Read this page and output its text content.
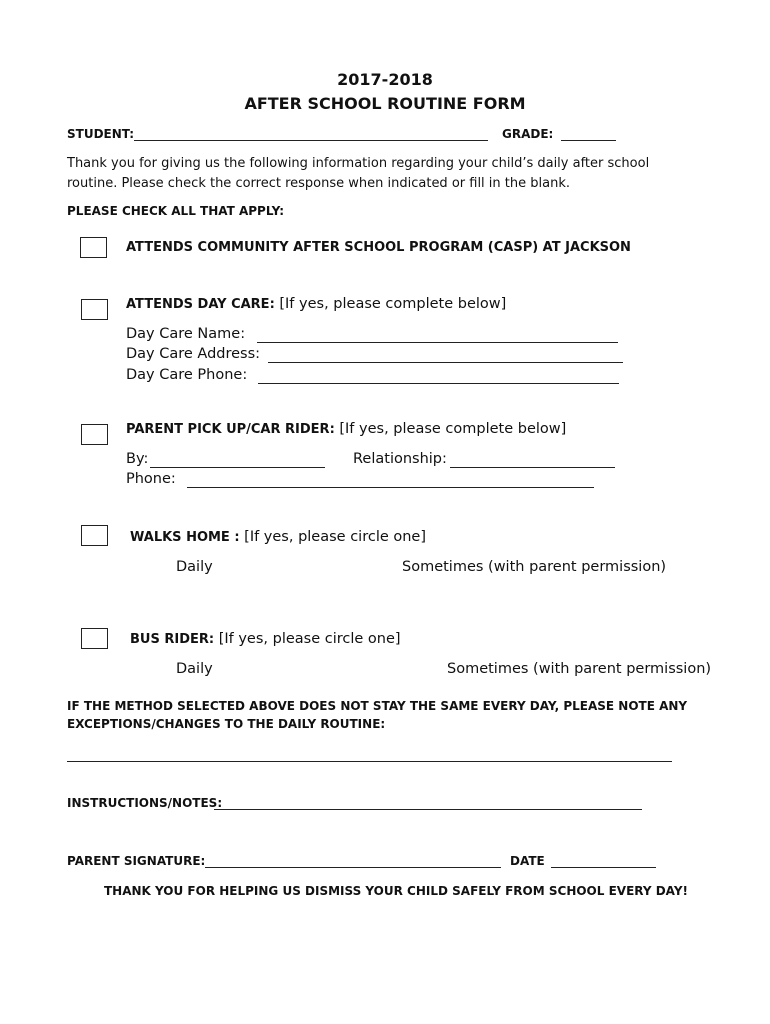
2017-2018
AFTER SCHOOL ROUTINE FORM
STUDENT:	GRADE:
Thank you for giving us the following information regarding your child’s daily after school routine. Please check the correct response when indicated or fill in the blank.
PLEASE CHECK ALL THAT APPLY:
ATTENDS COMMUNITY AFTER SCHOOL PROGRAM (CASP) AT JACKSON
ATTENDS DAY CARE: [If yes, please complete below]
Day Care Name:
Day Care Address:
Day Care Phone:
PARENT PICK UP/CAR RIDER: [If yes, please complete below]
By:	Relationship:
Phone:
WALKS HOME : [If yes, please circle one]
Daily	Sometimes (with parent permission)
BUS RIDER: [If yes, please circle one]
Daily	Sometimes (with parent permission)
IF THE METHOD SELECTED ABOVE DOES NOT STAY THE SAME EVERY DAY, PLEASE NOTE ANY
EXCEPTIONS/CHANGES TO THE DAILY ROUTINE:
INSTRUCTIONS/NOTES:
PARENT SIGNATURE:	DATE
THANK YOU FOR HELPING US DISMISS YOUR CHILD SAFELY FROM SCHOOL EVERY DAY!
